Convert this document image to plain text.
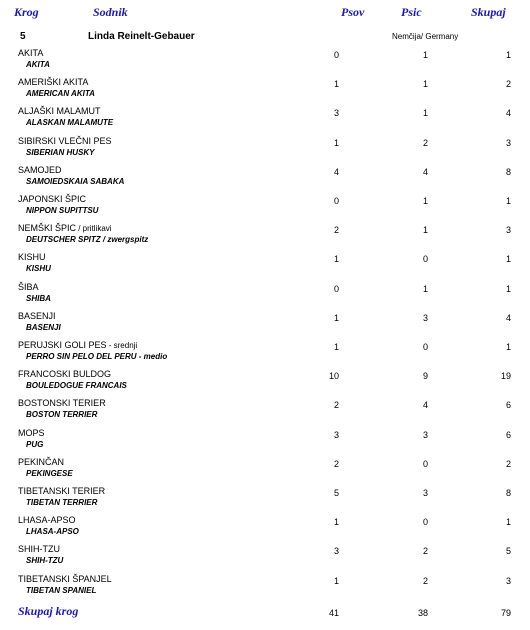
Krog	Sodnik	Psov	Psic	Skupaj
5	Linda Reinelt-Gebauer	Nemčija/ Germany
AKITA
AKITA
0	1	1
AMERIŠKI AKITA
AMERICAN AKITA
1	1	2
ALJAŠKI MALAMUT
ALASKAN MALAMUTE
3	1	4
SIBIRSKI VLEČNI PES
SIBERIAN HUSKY
1	2	3
SAMOJED
SAMOIEDSKAIA SABAKA
4	4	8
JAPONSKI ŠPIC
NIPPON SUPITTSU
0	1	1
NEMŠKI ŠPIC / pritlikavi
DEUTSCHER SPITZ / zwergspitz
2	1	3
KISHU
KISHU
1	0	1
ŠIBA
SHIBA
0	1	1
BASENJI
BASENJI
1	3	4
PERUJSKI GOLI PES - srednji
PERRO SIN PELO DEL PERU - medio
1	0	1
FRANCOSKI BULDOG
BOULEDOGUE FRANCAIS
10	9	19
BOSTONSKI TERIER
BOSTON TERRIER
2	4	6
MOPS
PUG
3	3	6
PEKINČAN
PEKINGESE
2	0	2
TIBETANSKI TERIER
TIBETAN TERRIER
5	3	8
LHASA-APSO
LHASA-APSO
1	0	1
SHIH-TZU
SHIH-TZU
3	2	5
TIBETANSKI ŠPANJEL
TIBETAN SPANIEL
1	2	3
Skupaj krog	41	38	79
